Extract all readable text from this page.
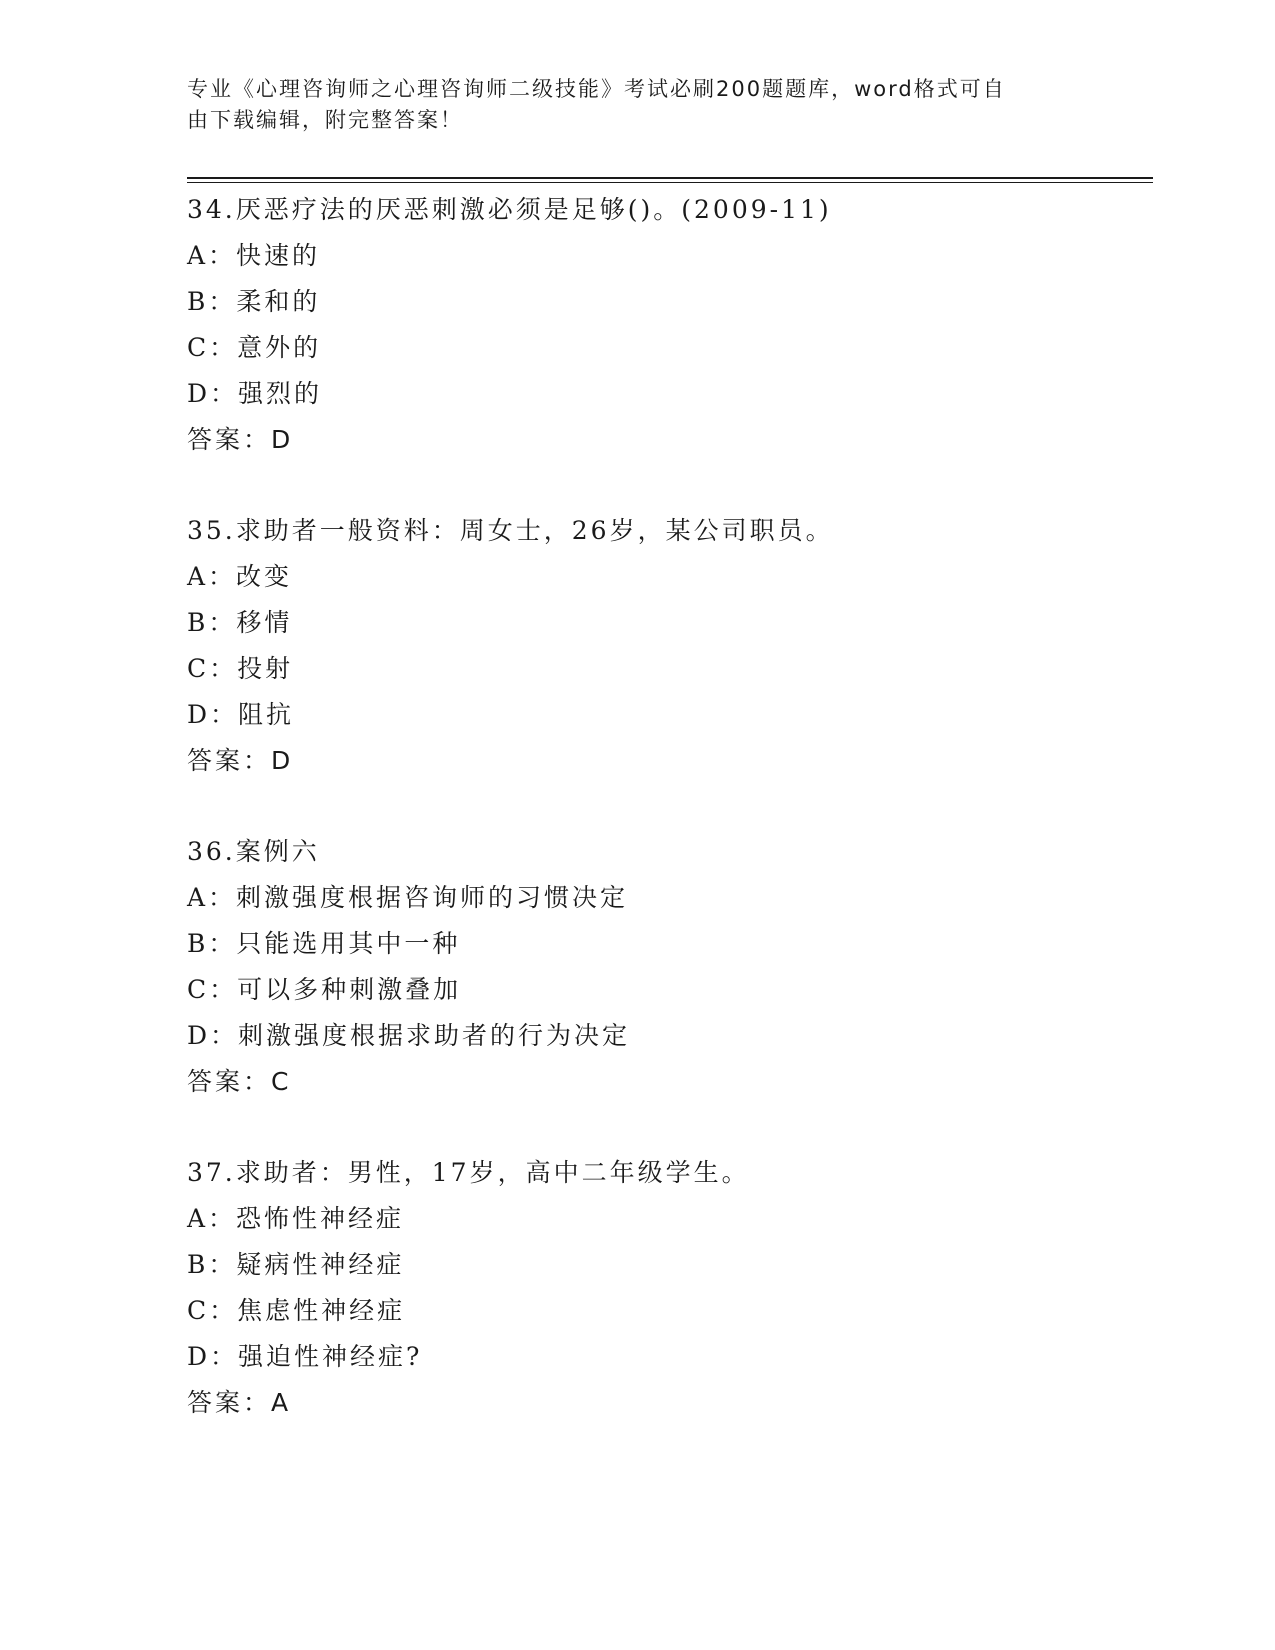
专业《心理咨询师之心理咨询师二级技能》考试必刷200题题库，word格式可自
由下载编辑，附完整答案！
34.厌恶疗法的厌恶刺激必须是足够()。(2009-11)
A：快速的
B：柔和的
C：意外的
D：强烈的
答案：D
35.求助者一般资料：周女士，26岁，某公司职员。
A：改变
B：移情
C：投射
D：阻抗
答案：D
36.案例六
A：刺激强度根据咨询师的习惯决定
B：只能选用其中一种
C：可以多种刺激叠加
D：刺激强度根据求助者的行为决定
答案：C
37.求助者：男性，17岁，高中二年级学生。
A：恐怖性神经症
B：疑病性神经症
C：焦虑性神经症
D：强迫性神经症?
答案：A
